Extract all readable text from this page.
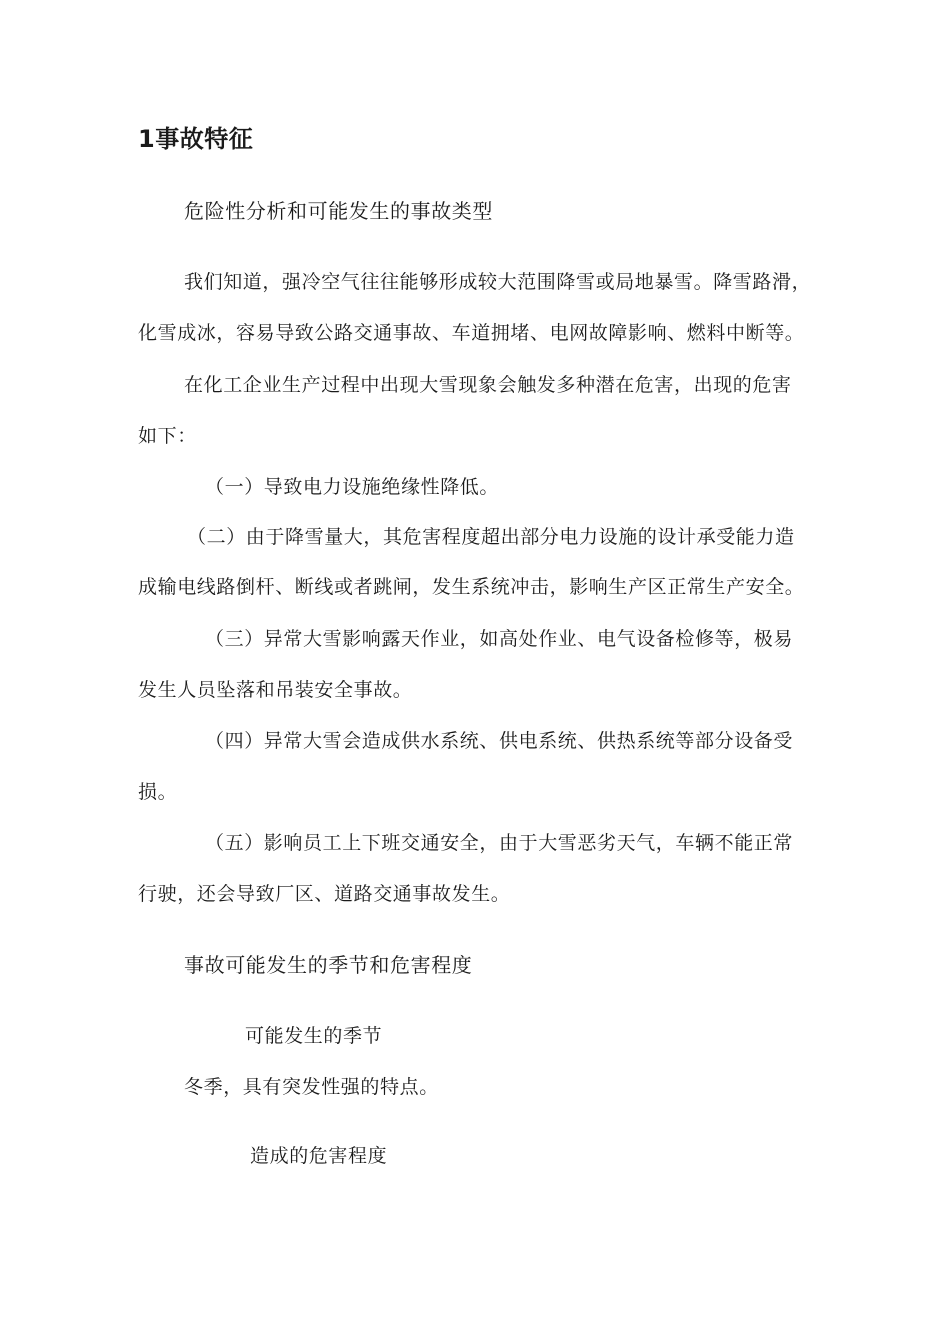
1事故特征
危险性分析和可能发生的事故类型
我们知道，强冷空气往往能够形成较大范围降雪或局地暴雪。降雪路滑，
化雪成冰，容易导致公路交通事故、车道拥堵、电网故障影响、燃料中断等。
在化工企业生产过程中出现大雪现象会触发多种潜在危害，出现的危害
如下：
（一）导致电力设施绝缘性降低。
（二）由于降雪量大，其危害程度超出部分电力设施的设计承受能力造
成输电线路倒杆、断线或者跳闸，发生系统冲击，影响生产区正常生产安全。
（三）异常大雪影响露天作业，如高处作业、电气设备检修等，极易
发生人员坠落和吊装安全事故。
（四）异常大雪会造成供水系统、供电系统、供热系统等部分设备受
损。
（五）影响员工上下班交通安全，由于大雪恶劣天气，车辆不能正常
行驶，还会导致厂区、道路交通事故发生。
事故可能发生的季节和危害程度
可能发生的季节
冬季，具有突发性强的特点。
造成的危害程度
